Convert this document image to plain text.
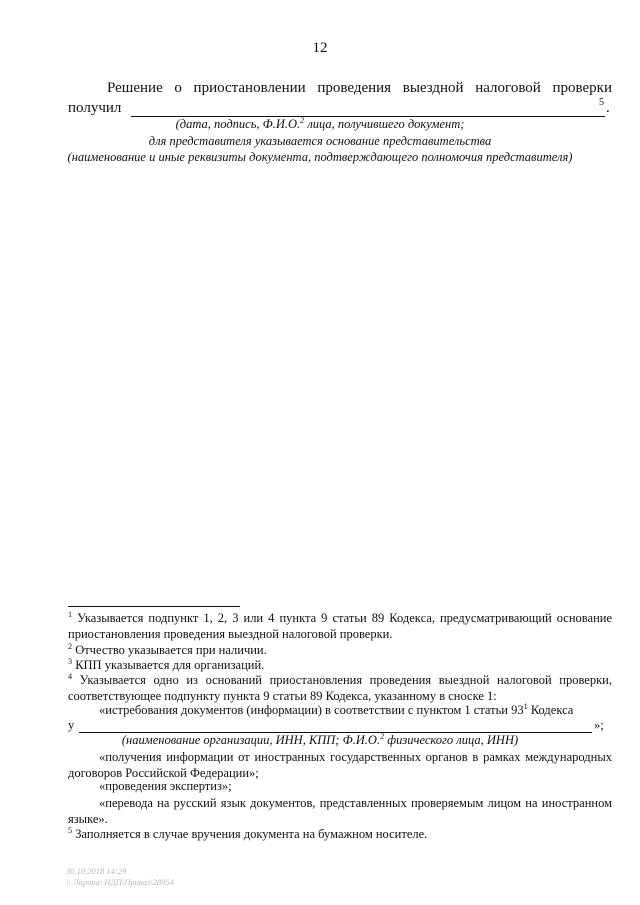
12
Решение о приостановлении проведения выездной налоговой проверки
получил	5 .
(дата, подпись, Ф.И.О.$^2$ лица, получившего документ;
для представителя указывается основание представительства
(наименование и иные реквизиты документа, подтверждающего полномочия представителя)
$^1$ Указывается подпункт 1, 2, 3 или 4 пункта 9 статьи 89 Кодекса, предусматривающий основание приостановления проведения выездной налоговой проверки.
$^2$ Отчество указывается при наличии.
$^3$ КПП указывается для организаций.
$^4$ Указывается одно из оснований приостановления проведения выездной налоговой проверки, соответствующее подпункту пункта 9 статьи 89 Кодекса, указанному в сноске 1:
«истребования документов (информации) в соответствии с пунктом 1 статьи $93^1$ Кодекса
у	»;
(наименование организации, ИНН, КПП; Ф.И.О.$^2$ физического лица, ИНН)
«получения информации от иностранных государственных органов в рамках международных договоров Российской Федерации»;
«проведения экспертиз»;
«перевода на русский язык документов, представленных проверяемым лицом на иностранном языке».
$^5$ Заполняется в случае вручения документа на бумажном носителе.
30.10.2018 14:29
\\ Ларина\ НДП\Приказ\28954
